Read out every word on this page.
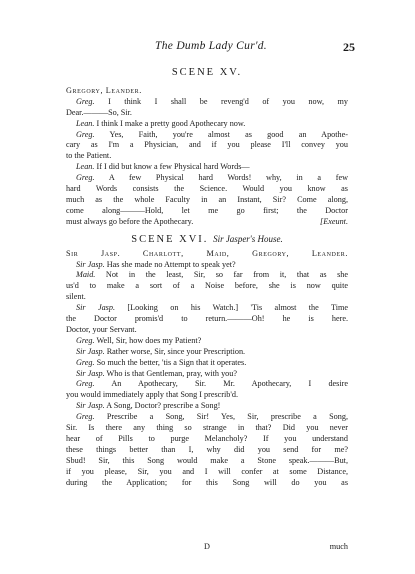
The Dumb Lady Cur'd.	25
SCENE XV.
Gregory, Leander.
Greg. I think I shall be reveng'd of you now, my
Dear.———So, Sir.
Lean. I think I make a pretty good Apothecary now.
Greg. Yes, Faith, you're almost as good an Apothe-
cary as I'm a Physician, and if you please I'll convey you
to the Patient.
Lean. If I did but know a few Physical hard Words—
Greg. A few Physical hard Words! why, in a few
hard Words consists the Science. Would you know as
much as the whole Faculty in an Instant, Sir? Come along,
come along———Hold, let me go first; the Doctor
must always go before the Apothecary.	[Exeunt.
SCENE XVI. Sir Jasper's House.
Sir Jasp. Charlott, Maid, Gregory, Leander.
Sir Jasp. Has she made no Attempt to speak yet?
Maid. Not in the least, Sir, so far from it, that as she
us'd to make a sort of a Noise before, she is now quite
silent.
Sir Jasp. [Looking on his Watch.] 'Tis almost the Time
the Doctor promis'd to return.———Oh! he is here.
Doctor, your Servant.
Greg. Well, Sir, how does my Patient?
Sir Jasp. Rather worse, Sir, since your Prescription.
Greg. So much the better, 'tis a Sign that it operates.
Sir Jasp. Who is that Gentleman, pray, with you?
Greg. An Apothecary, Sir. Mr. Apothecary, I desire
you would immediately apply that Song I prescrib'd.
Sir Jasp. A Song, Doctor? prescribe a Song!
Greg. Prescribe a Song, Sir! Yes, Sir, prescribe a Song,
Sir. Is there any thing so strange in that? Did you never
hear of Pills to purge Melancholy? If you understand
these things better than I, why did you send for me?
Sbud! Sir, this Song would make a Stone speak.———But,
if you please, Sir, you and I will confer at some Distance,
during the Application; for this Song will do you as
D	much
